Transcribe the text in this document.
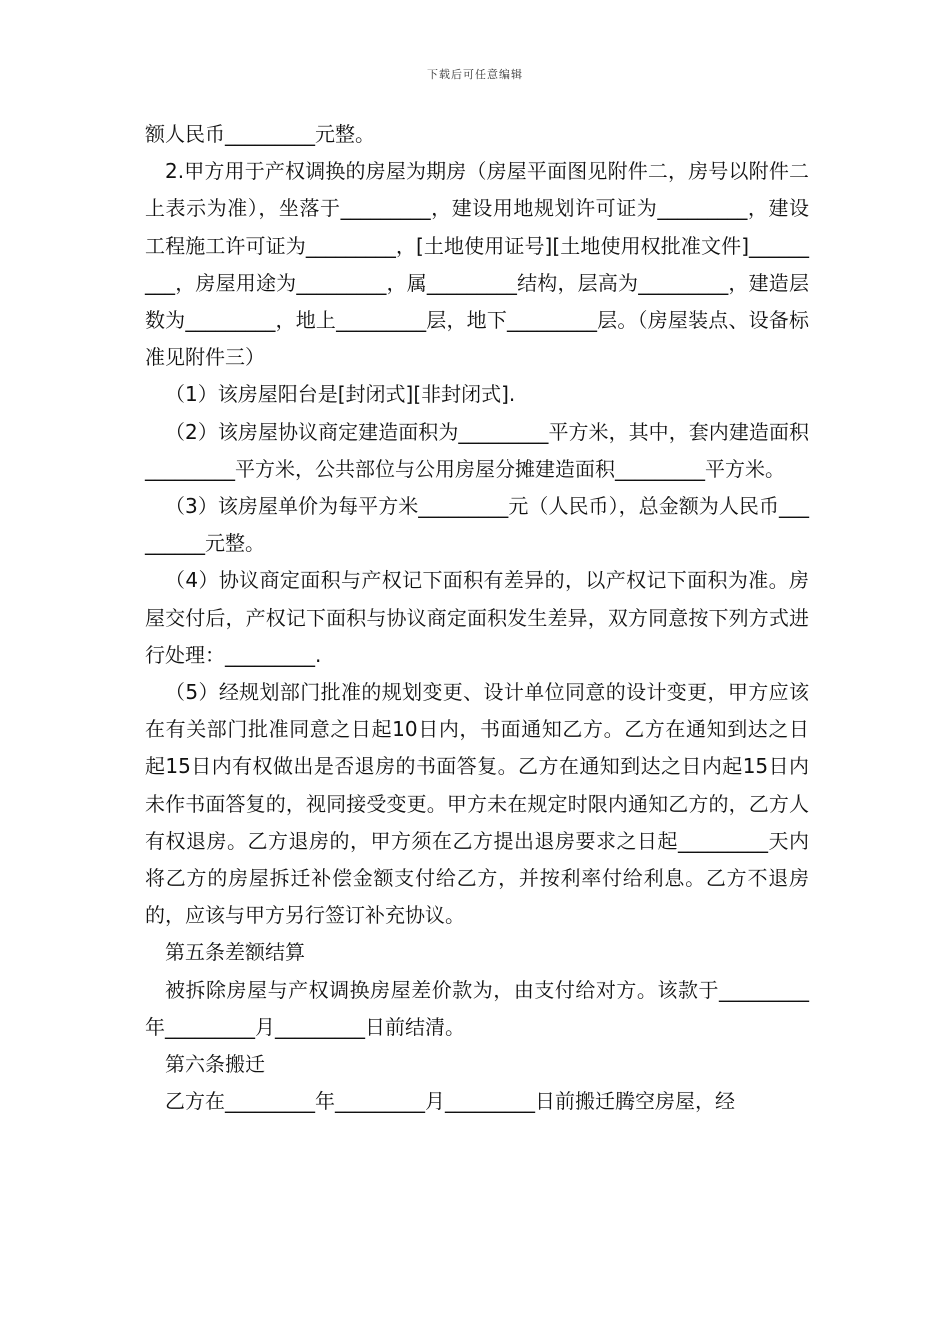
下载后可任意编辑

额人民币_________元整。

2.甲方用于产权调换的房屋为期房（房屋平面图见附件二，房号以附件二上表示为准），坐落于_________，建设用地规划许可证为_________，建设工程施工许可证为_________，[土地使用证号][土地使用权批准文件]_________，房屋用途为_________，属_________结构，层高为_________，建造层数为_________，地上_________层，地下_________层。（房屋装点、设备标准见附件三）

（1）该房屋阳台是[封闭式][非封闭式].

（2）该房屋协议商定建造面积为_________平方米，其中，套内建造面积_________平方米，公共部位与公用房屋分摊建造面积_________平方米。

（3）该房屋单价为每平方米_________元（人民币），总金额为人民币_________元整。

（4）协议商定面积与产权记下面积有差异的，以产权记下面积为准。房屋交付后，产权记下面积与协议商定面积发生差异，双方同意按下列方式进行处理：_________.

（5）经规划部门批准的规划变更、设计单位同意的设计变更，甲方应该在有关部门批准同意之日起10日内，书面通知乙方。乙方在通知到达之日起15日内有权做出是否退房的书面答复。乙方在通知到达之日内起15日内未作书面答复的，视同接受变更。甲方未在规定时限内通知乙方的，乙方人有权退房。乙方退房的，甲方须在乙方提出退房要求之日起_________天内将乙方的房屋拆迁补偿金额支付给乙方，并按利率付给利息。乙方不退房的，应该与甲方另行签订补充协议。

第五条差额结算

被拆除房屋与产权调换房屋差价款为，由支付给对方。该款于_________年_________月_________日前结清。

第六条搬迁

乙方在_________年_________月_________日前搬迁腾空房屋，经
